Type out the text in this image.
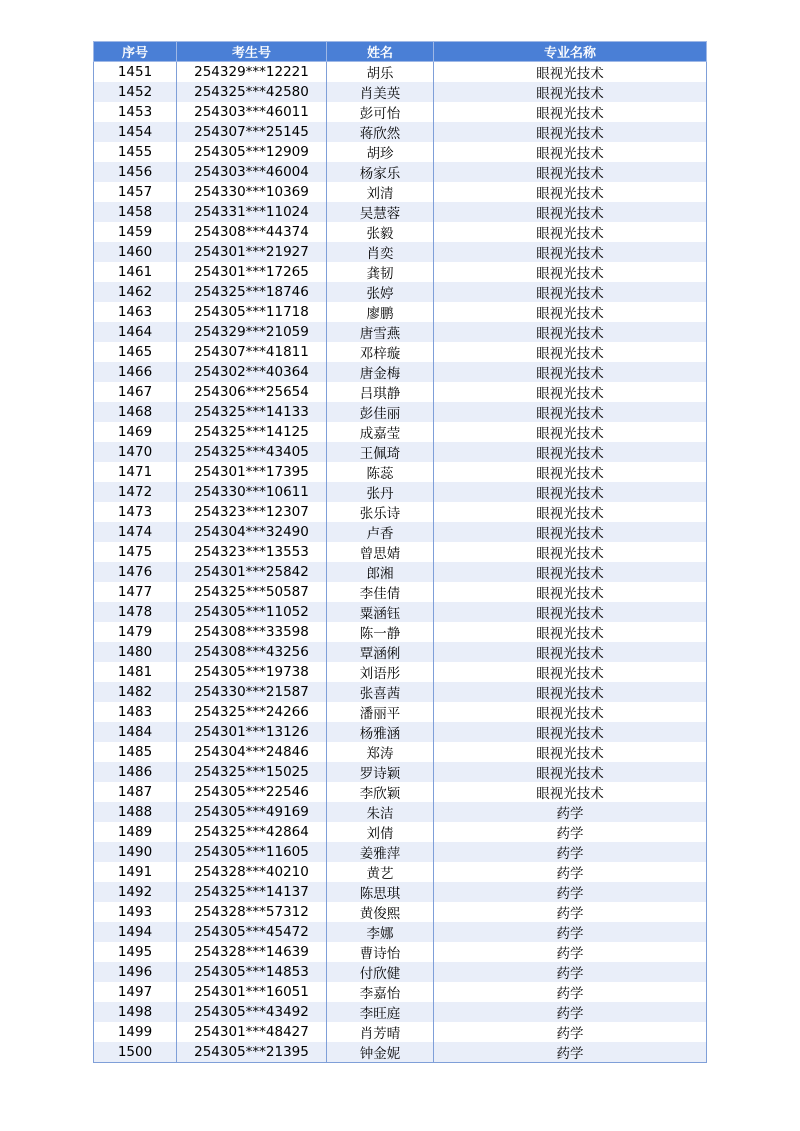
序号	考生号	姓名	专业名称
1451	254329***12221	胡乐	眼视光技术
1452	254325***42580	肖美英	眼视光技术
1453	254303***46011	彭可怡	眼视光技术
1454	254307***25145	蒋欣然	眼视光技术
1455	254305***12909	胡珍	眼视光技术
1456	254303***46004	杨家乐	眼视光技术
1457	254330***10369	刘清	眼视光技术
1458	254331***11024	吴慧蓉	眼视光技术
1459	254308***44374	张毅	眼视光技术
1460	254301***21927	肖奕	眼视光技术
1461	254301***17265	龚韧	眼视光技术
1462	254325***18746	张婷	眼视光技术
1463	254305***11718	廖鹏	眼视光技术
1464	254329***21059	唐雪燕	眼视光技术
1465	254307***41811	邓梓璇	眼视光技术
1466	254302***40364	唐金梅	眼视光技术
1467	254306***25654	吕琪静	眼视光技术
1468	254325***14133	彭佳丽	眼视光技术
1469	254325***14125	成嘉莹	眼视光技术
1470	254325***43405	王佩琦	眼视光技术
1471	254301***17395	陈蕊	眼视光技术
1472	254330***10611	张丹	眼视光技术
1473	254323***12307	张乐诗	眼视光技术
1474	254304***32490	卢香	眼视光技术
1475	254323***13553	曾思婧	眼视光技术
1476	254301***25842	郎湘	眼视光技术
1477	254325***50587	李佳倩	眼视光技术
1478	254305***11052	粟涵钰	眼视光技术
1479	254308***33598	陈一静	眼视光技术
1480	254308***43256	覃涵俐	眼视光技术
1481	254305***19738	刘语彤	眼视光技术
1482	254330***21587	张喜茜	眼视光技术
1483	254325***24266	潘丽平	眼视光技术
1484	254301***13126	杨雅涵	眼视光技术
1485	254304***24846	郑涛	眼视光技术
1486	254325***15025	罗诗颖	眼视光技术
1487	254305***22546	李欣颖	眼视光技术
1488	254305***49169	朱洁	药学
1489	254325***42864	刘倩	药学
1490	254305***11605	姜雅萍	药学
1491	254328***40210	黄艺	药学
1492	254325***14137	陈思琪	药学
1493	254328***57312	黄俊熙	药学
1494	254305***45472	李娜	药学
1495	254328***14639	曹诗怡	药学
1496	254305***14853	付欣健	药学
1497	254301***16051	李嘉怡	药学
1498	254305***43492	李旺庭	药学
1499	254301***48427	肖芳晴	药学
1500	254305***21395	钟金妮	药学
